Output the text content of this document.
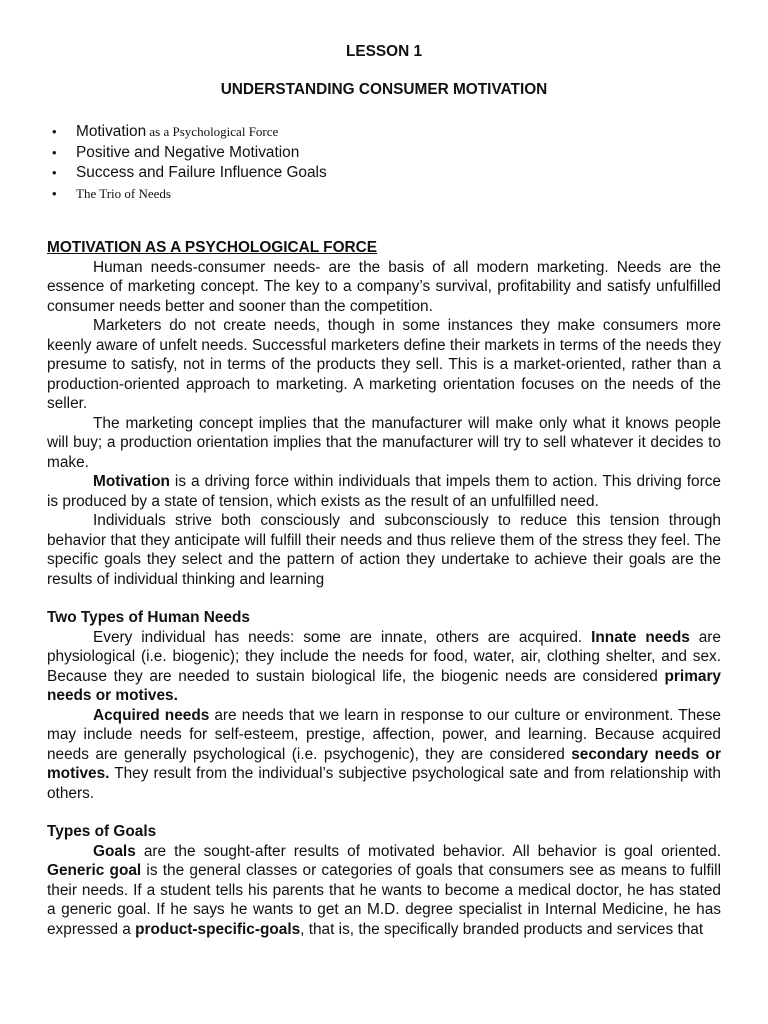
LESSON 1
UNDERSTANDING CONSUMER MOTIVATION
• Motivation as a Psychological Force
• Positive and Negative Motivation
• Success and Failure Influence Goals
• The Trio of Needs
MOTIVATION AS A PSYCHOLOGICAL FORCE

Human needs-consumer needs- are the basis of all modern marketing. Needs are the essence of marketing concept. The key to a company’s survival, profitability and satisfy unfulfilled consumer needs better and sooner than the competition.

Marketers do not create needs, though in some instances they make consumers more keenly aware of unfelt needs. Successful marketers define their markets in terms of the needs they presume to satisfy, not in terms of the products they sell. This is a market-oriented, rather than a production-oriented approach to marketing. A marketing orientation focuses on the needs of the seller.

The marketing concept implies that the manufacturer will make only what it knows people will buy; a production orientation implies that the manufacturer will try to sell whatever it decides to make.

Motivation is a driving force within individuals that impels them to action. This driving force is produced by a state of tension, which exists as the result of an unfulfilled need.

Individuals strive both consciously and subconsciously to reduce this tension through behavior that they anticipate will fulfill their needs and thus relieve them of the stress they feel. The specific goals they select and the pattern of action they undertake to achieve their goals are the results of individual thinking and learning

Two Types of Human Needs

Every individual has needs: some are innate, others are acquired. Innate needs are physiological (i.e. biogenic); they include the needs for food, water, air, clothing shelter, and sex. Because they are needed to sustain biological life, the biogenic needs are considered primary needs or motives.

Acquired needs are needs that we learn in response to our culture or environment. These may include needs for self-esteem, prestige, affection, power, and learning. Because acquired needs are generally psychological (i.e. psychogenic), they are considered secondary needs or motives. They result from the individual’s subjective psychological sate and from relationship with others.

Types of Goals

Goals are the sought-after results of motivated behavior. All behavior is goal oriented. Generic goal is the general classes or categories of goals that consumers see as means to fulfill their needs. If a student tells his parents that he wants to become a medical doctor, he has stated a generic goal. If he says he wants to get an M.D. degree specialist in Internal Medicine, he has expressed a product-specific-goals, that is, the specifically branded products and services that
